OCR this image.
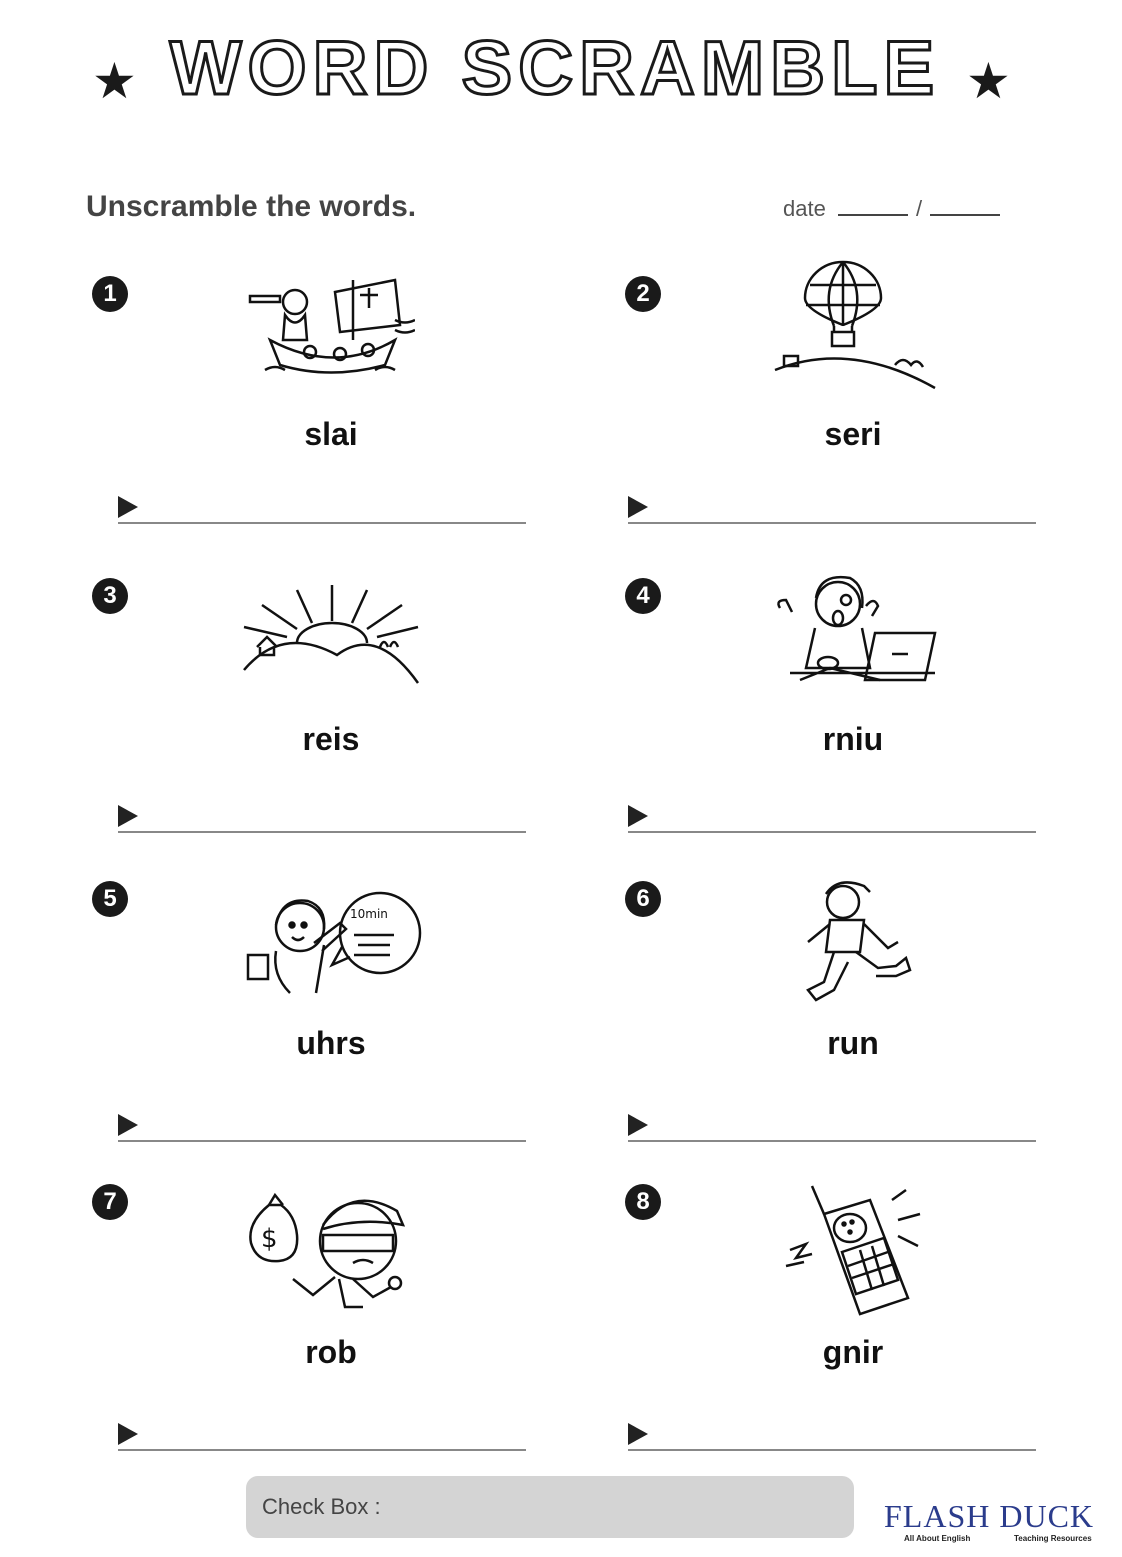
★ WORD SCRAMBLE ★
Unscramble the words.	date	/
1
slai
2
seri
3
reis
4
rniu
5
10min
uhrs
6
run
7
$
rob
8
gnir
Check Box :	FLASH DUCK
All About English	Teaching Resources
